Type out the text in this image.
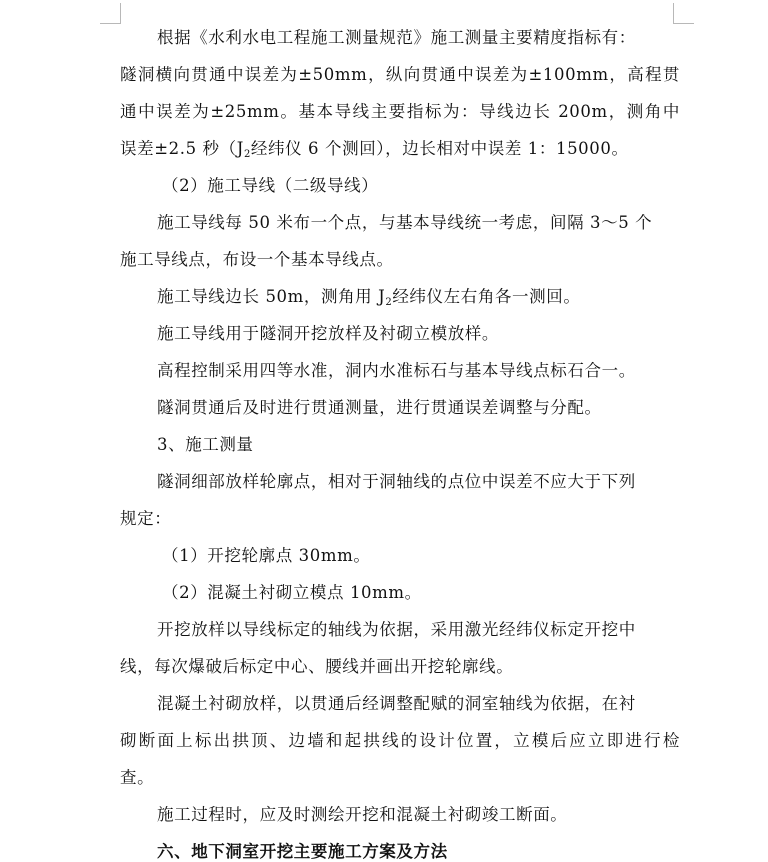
根据《水利水电工程施工测量规范》施工测量主要精度指标有：
隧洞横向贯通中误差为±50mm，纵向贯通中误差为±100mm，高程贯
通中误差为±25mm。基本导线主要指标为：导线边长 200m，测角中
误差±2.5 秒（$J_2$经纬仪 6 个测回），边长相对中误差 1：15000。
（2）施工导线（二级导线）
施工导线每 50 米布一个点，与基本导线统一考虑，间隔 3～5 个
施工导线点，布设一个基本导线点。
施工导线边长 50m，测角用 $J_2$经纬仪左右角各一测回。
施工导线用于隧洞开挖放样及衬砌立模放样。
高程控制采用四等水准，洞内水准标石与基本导线点标石合一。
隧洞贯通后及时进行贯通测量，进行贯通误差调整与分配。
3、施工测量
隧洞细部放样轮廓点，相对于洞轴线的点位中误差不应大于下列
规定：
（1）开挖轮廓点 30mm。
（2）混凝土衬砌立模点 10mm。
开挖放样以导线标定的轴线为依据，采用激光经纬仪标定开挖中
线，每次爆破后标定中心、腰线并画出开挖轮廓线。
混凝土衬砌放样，以贯通后经调整配赋的洞室轴线为依据，在衬
砌断面上标出拱顶、边墙和起拱线的设计位置，立模后应立即进行检
查。
施工过程时，应及时测绘开挖和混凝土衬砌竣工断面。
六、地下洞室开挖主要施工方案及方法
